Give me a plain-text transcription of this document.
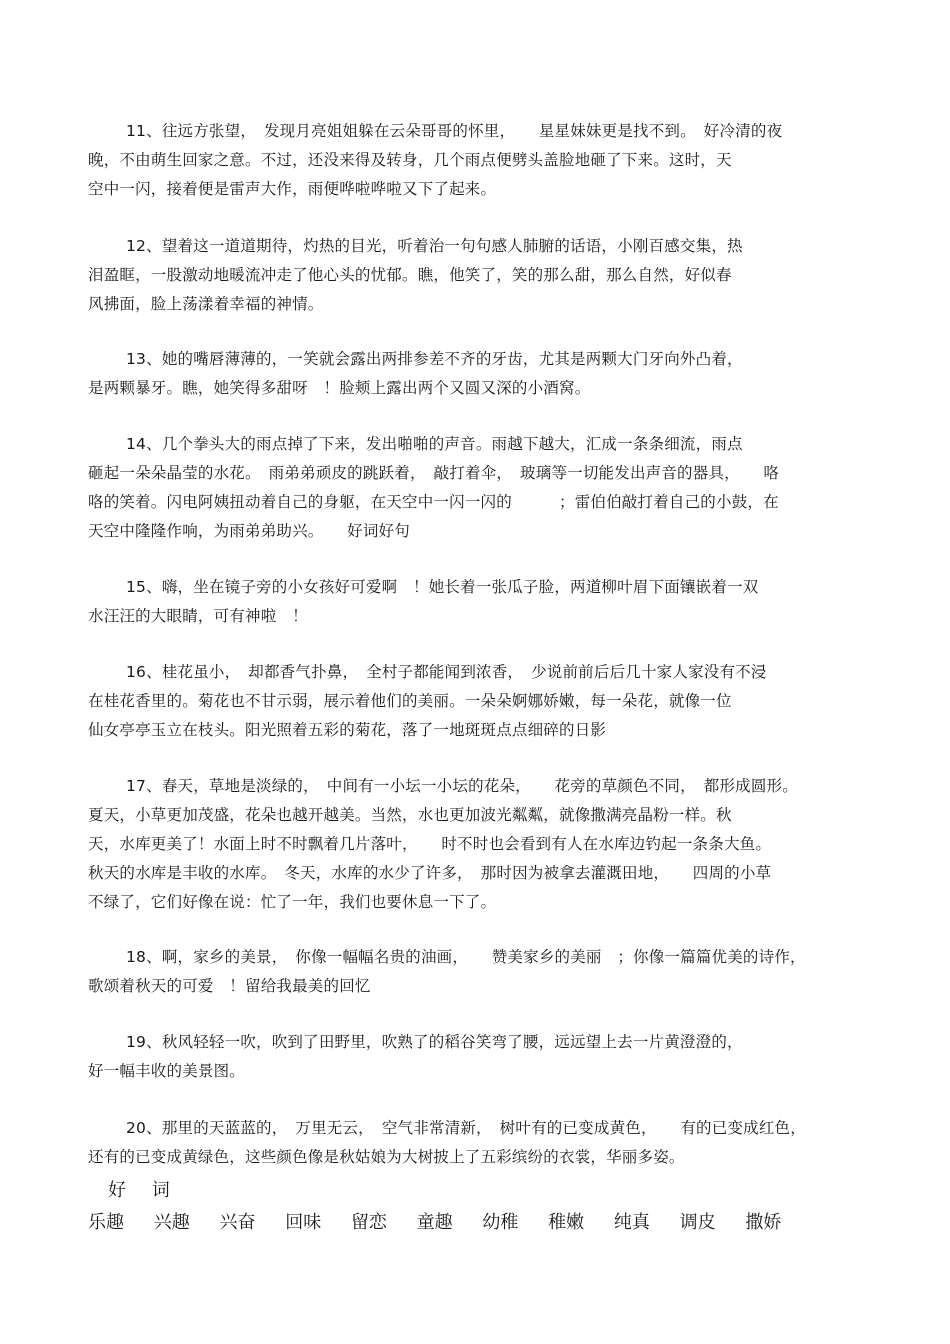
11、往远方张望，　发现月亮姐姐躲在云朵哥哥的怀里，　　星星妹妹更是找不到。　好冷清的夜
晚，不由萌生回家之意。不过，还没来得及转身，几个雨点便劈头盖脸地砸了下来。这时，天
空中一闪，接着便是雷声大作，雨便哗啦哗啦又下了起来。
12、望着这一道道期待，灼热的目光，听着治一句句感人肺腑的话语，小刚百感交集，热
泪盈眶，一股激动地暖流冲走了他心头的忧郁。瞧，他笑了，笑的那么甜，那么自然，好似春
风拂面，脸上荡漾着幸福的神情。
13、她的嘴唇薄薄的，一笑就会露出两排参差不齐的牙齿，尤其是两颗大门牙向外凸着，
是两颗暴牙。瞧，她笑得多甜呀　！脸颊上露出两个又圆又深的小酒窝。
14、几个拳头大的雨点掉了下来，发出啪啪的声音。雨越下越大，汇成一条条细流，雨点
砸起一朵朵晶莹的水花。　雨弟弟顽皮的跳跃着，　敲打着伞，　玻璃等一切能发出声音的器具，　　咯
咯的笑着。闪电阿姨扭动着自己的身躯，在天空中一闪一闪的　　　；雷伯伯敲打着自己的小鼓，在
天空中隆隆作响，为雨弟弟助兴。　　好词好句
15、嗨，坐在镜子旁的小女孩好可爱啊　！她长着一张瓜子脸，两道柳叶眉下面镶嵌着一双
水汪汪的大眼睛，可有神啦　！
16、桂花虽小，　却都香气扑鼻，　全村子都能闻到浓香，　少说前前后后几十家人家没有不浸
在桂花香里的。菊花也不甘示弱，展示着他们的美丽。一朵朵婀娜娇嫩，每一朵花，就像一位
仙女亭亭玉立在枝头。阳光照着五彩的菊花，落了一地斑斑点点细碎的日影
17、春天，草地是淡绿的，　中间有一小坛一小坛的花朵，　　花旁的草颜色不同，　都形成圆形。
夏天，小草更加茂盛，花朵也越开越美。当然，水也更加波光粼粼，就像撒满亮晶粉一样。秋
天，水库更美了！水面上时不时飘着几片落叶，　　时不时也会看到有人在水库边钓起一条条大鱼。
秋天的水库是丰收的水库。　冬天，水库的水少了许多，　那时因为被拿去灌溉田地，　　四周的小草
不绿了，它们好像在说：忙了一年，我们也要休息一下了。
18、啊，家乡的美景，　你像一幅幅名贵的油画，　　赞美家乡的美丽　；你像一篇篇优美的诗作，
歌颂着秋天的可爱　！留给我最美的回忆
19、秋风轻轻一吹，吹到了田野里，吹熟了的稻谷笑弯了腰，远远望上去一片黄澄澄的，
好一幅丰收的美景图。
20、那里的天蓝蓝的，　万里无云，　空气非常清新，　树叶有的已变成黄色，　　有的已变成红色，
还有的已变成黄绿色，这些颜色像是秋姑娘为大树披上了五彩缤纷的衣裳，华丽多姿。
好 词
乐趣 兴趣 兴奋 回味 留恋 童趣 幼稚 稚嫩 纯真 调皮 撒娇
